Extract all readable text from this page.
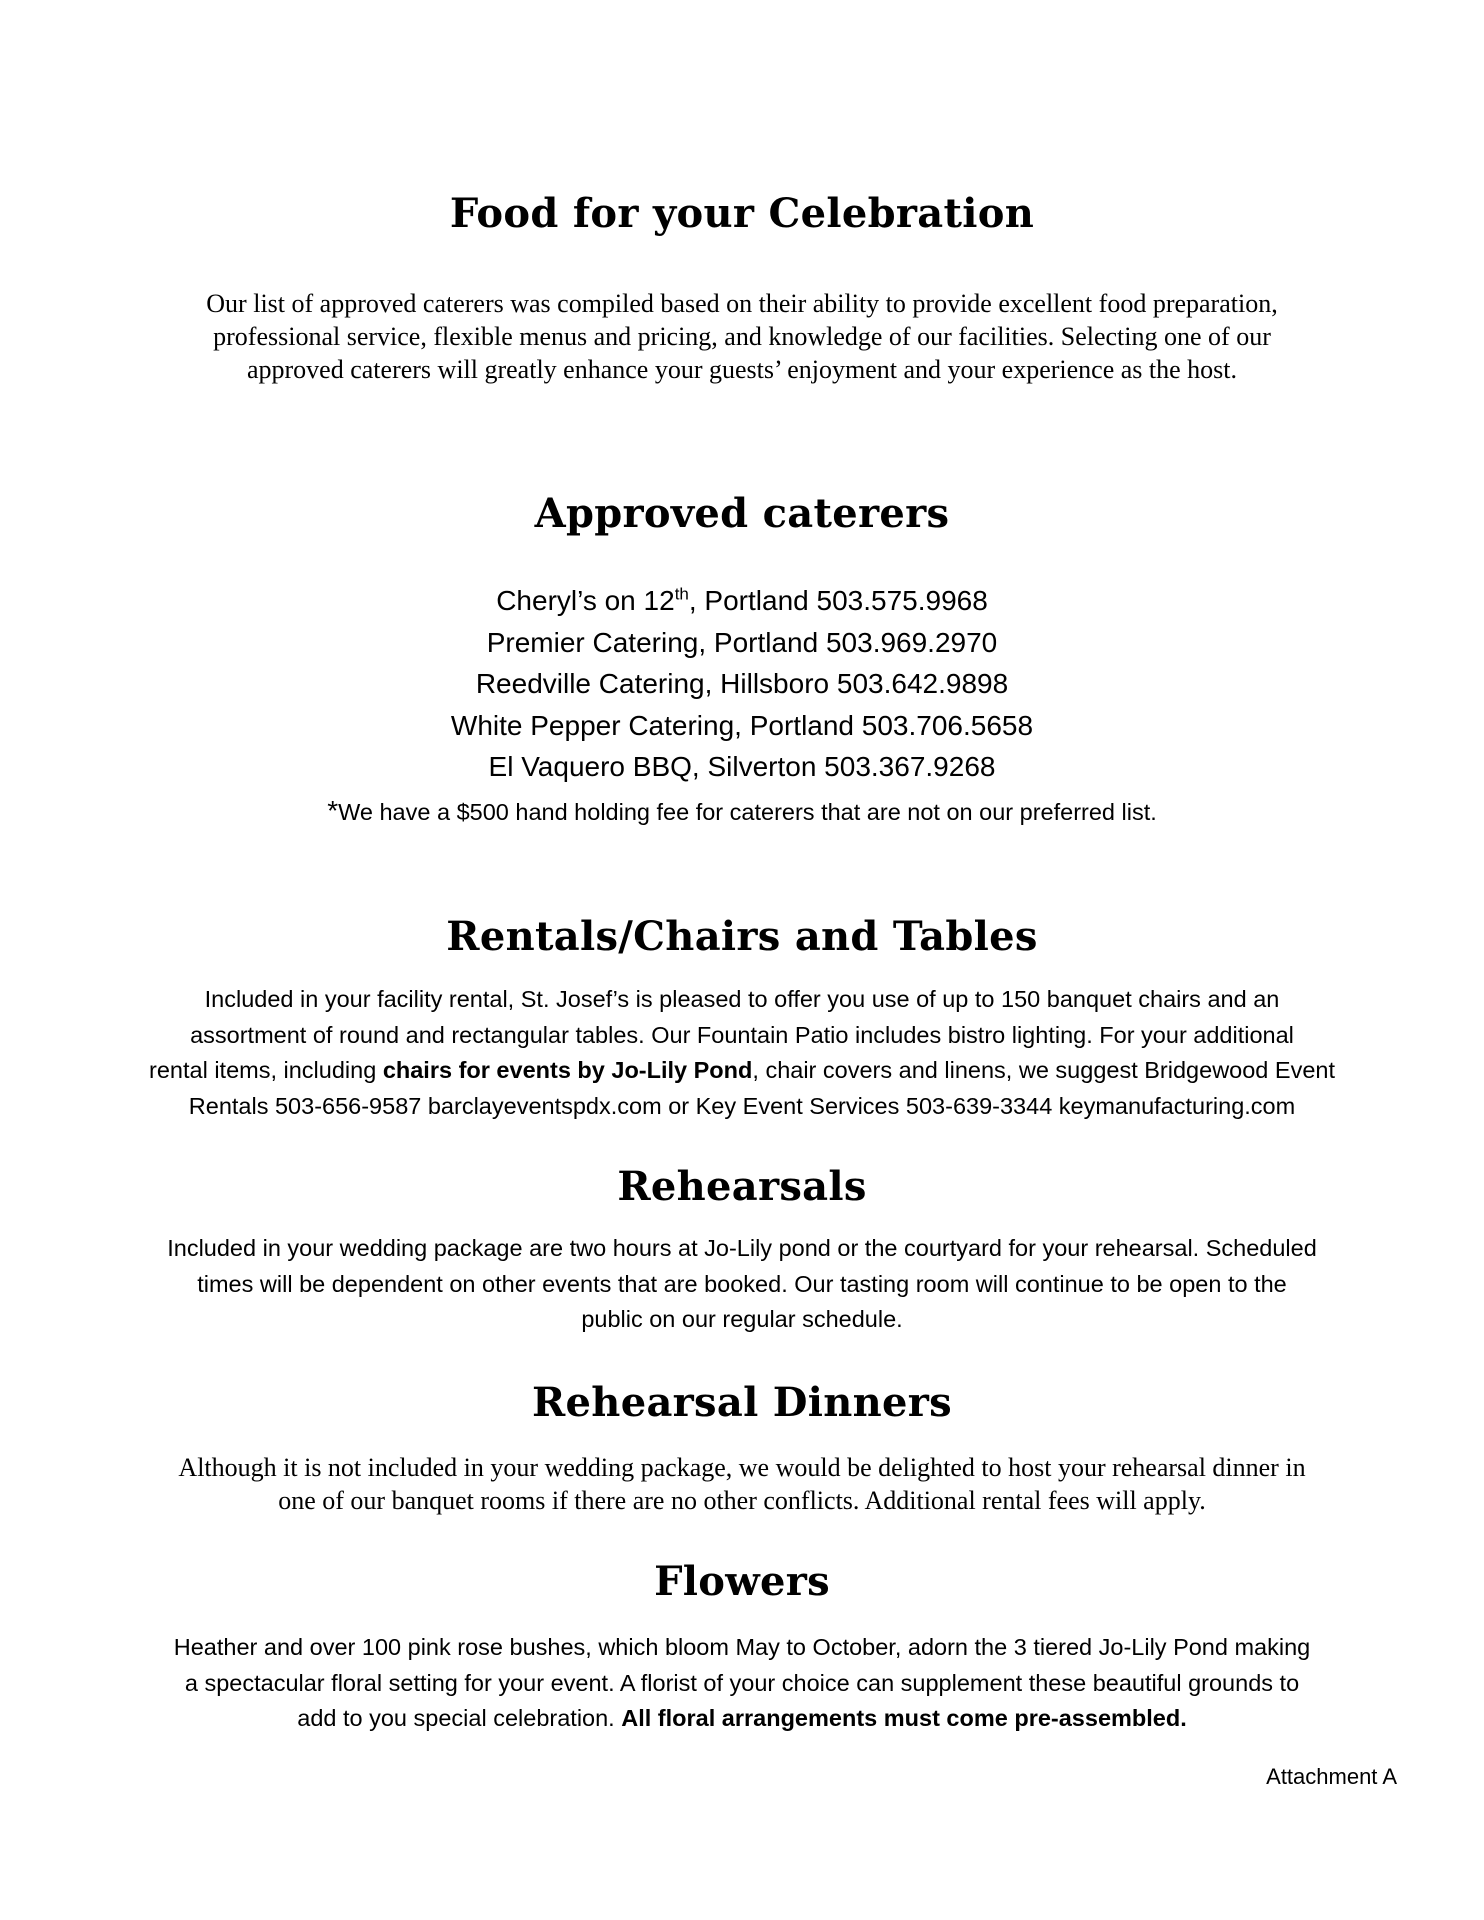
Food for your Celebration

Our list of approved caterers was compiled based on their ability to provide excellent food preparation,
professional service, flexible menus and pricing, and knowledge of our facilities. Selecting one of our
approved caterers will greatly enhance your guests’ enjoyment and your experience as the host.

Approved caterers
Cheryl’s on 12th, Portland 503.575.9968
Premier Catering, Portland 503.969.2970
Reedville Catering, Hillsboro 503.642.9898
White Pepper Catering, Portland 503.706.5658
El Vaquero BBQ, Silverton 503.367.9268

*We have a $500 hand holding fee for caterers that are not on our preferred list.

Rentals/Chairs and Tables

Included in your facility rental, St. Josef’s is pleased to offer you use of up to 150 banquet chairs and an
assortment of round and rectangular tables. Our Fountain Patio includes bistro lighting. For your additional
rental items, including chairs for events by Jo-Lily Pond, chair covers and linens, we suggest Bridgewood Event
Rentals 503-656-9587 barclayeventspdx.com or Key Event Services 503-639-3344 keymanufacturing.com

Rehearsals

Included in your wedding package are two hours at Jo-Lily pond or the courtyard for your rehearsal. Scheduled
times will be dependent on other events that are booked. Our tasting room will continue to be open to the
public on our regular schedule.

Rehearsal Dinners

Although it is not included in your wedding package, we would be delighted to host your rehearsal dinner in
one of our banquet rooms if there are no other conflicts. Additional rental fees will apply.

Flowers

Heather and over 100 pink rose bushes, which bloom May to October, adorn the 3 tiered Jo-Lily Pond making
a spectacular floral setting for your event. A florist of your choice can supplement these beautiful grounds to
add to you special celebration. All floral arrangements must come pre-assembled.

Attachment A
